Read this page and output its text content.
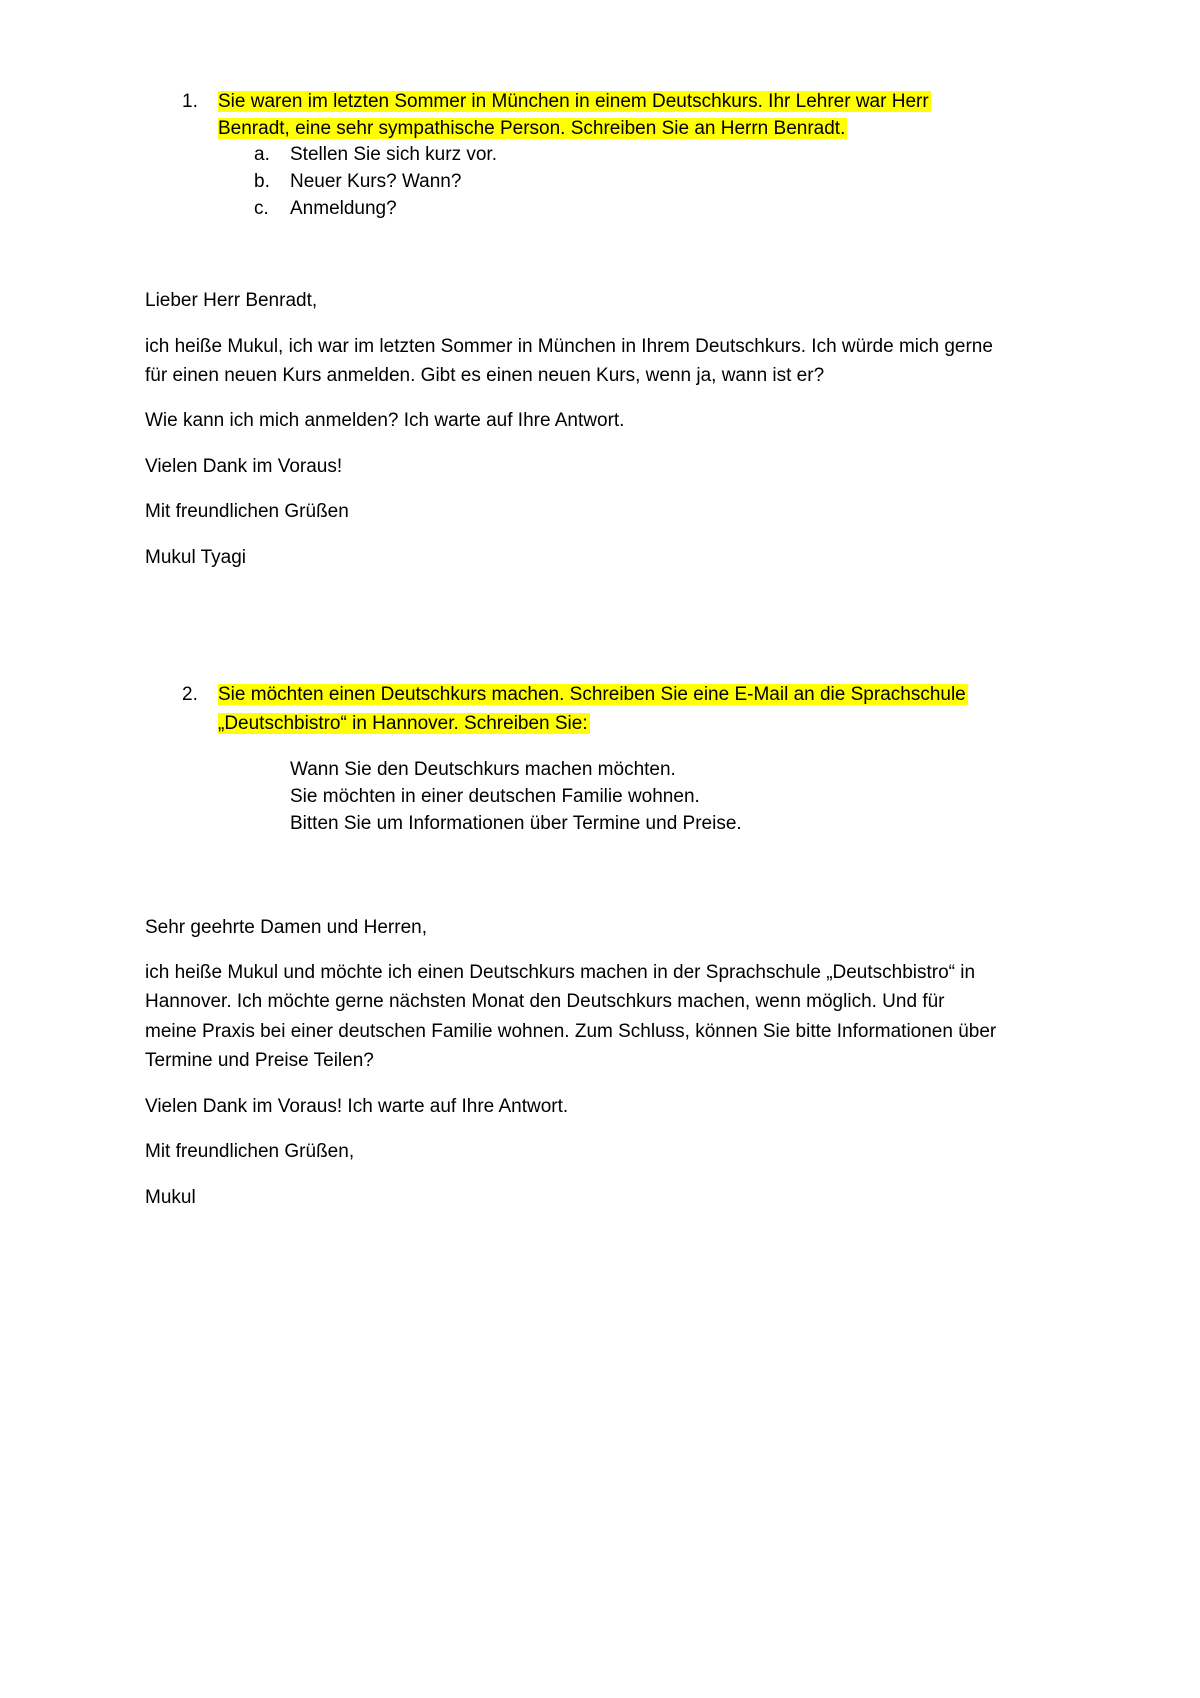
1. Sie waren im letzten Sommer in München in einem Deutschkurs. Ihr Lehrer war Herr
Benradt, eine sehr sympathische Person. Schreiben Sie an Herrn Benradt.
a. Stellen Sie sich kurz vor.
b. Neuer Kurs? Wann?
c. Anmeldung?
Lieber Herr Benradt,
ich heiße Mukul, ich war im letzten Sommer in München in Ihrem Deutschkurs. Ich würde mich gerne
für einen neuen Kurs anmelden. Gibt es einen neuen Kurs, wenn ja, wann ist er?
Wie kann ich mich anmelden? Ich warte auf Ihre Antwort.
Vielen Dank im Voraus!
Mit freundlichen Grüßen
Mukul Tyagi
2. Sie möchten einen Deutschkurs machen. Schreiben Sie eine E-Mail an die Sprachschule
„Deutschbistro“ in Hannover. Schreiben Sie:
Wann Sie den Deutschkurs machen möchten.
Sie möchten in einer deutschen Familie wohnen.
Bitten Sie um Informationen über Termine und Preise.
Sehr geehrte Damen und Herren,
ich heiße Mukul und möchte ich einen Deutschkurs machen in der Sprachschule „Deutschbistro“ in
Hannover. Ich möchte gerne nächsten Monat den Deutschkurs machen, wenn möglich. Und für
meine Praxis bei einer deutschen Familie wohnen. Zum Schluss, können Sie bitte Informationen über
Termine und Preise Teilen?
Vielen Dank im Voraus! Ich warte auf Ihre Antwort.
Mit freundlichen Grüßen,
Mukul
